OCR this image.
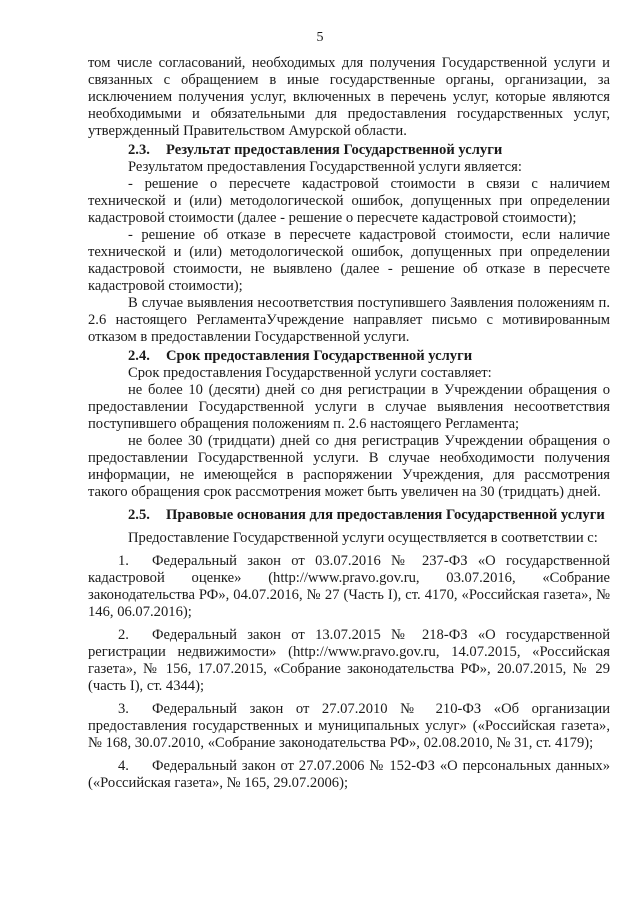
5

том числе согласований, необходимых для получения Государственной услуги и связанных с обращением в иные государственные органы, организации, за исключением получения услуг, включенных в перечень услуг, которые являются необходимыми и обязательными для предоставления государственных услуг, утвержденный Правительством Амурской области.

2.3. Результат предоставления Государственной услуги

Результатом предоставления Государственной услуги является:

- решение о пересчете кадастровой стоимости в связи с наличием технической и (или) методологической ошибок, допущенных при определении кадастровой стоимости (далее - решение о пересчете кадастровой стоимости);

- решение об отказе в пересчете кадастровой стоимости, если наличие технической и (или) методологической ошибок, допущенных при определении кадастровой стоимости, не выявлено (далее - решение об отказе в пересчете кадастровой стоимости);

В случае выявления несоответствия поступившего Заявления положениям п. 2.6 настоящего РегламентаУчреждение направляет письмо с мотивированным отказом в предоставлении Государственной услуги.

2.4. Срок предоставления Государственной услуги

Срок предоставления Государственной услуги составляет:

не более 10 (десяти) дней со дня регистрации в Учреждении обращения о предоставлении Государственной услуги в случае выявления несоответствия поступившего обращения положениям п. 2.6 настоящего Регламента;

не более 30 (тридцати) дней со дня регистрацив Учреждении обращения о предоставлении Государственной услуги. В случае необходимости получения информации, не имеющейся в распоряжении Учреждения, для рассмотрения такого обращения срок рассмотрения может быть увеличен на 30 (тридцать) дней.

2.5. Правовые основания для предоставления Государственной услуги

Предоставление Государственной услуги осуществляется в соответствии с:

1. Федеральный закон от 03.07.2016 № 237-ФЗ «О государственной кадастровой оценке» (http://www.pravo.gov.ru, 03.07.2016, «Собрание законодательства РФ», 04.07.2016, № 27 (Часть I), ст. 4170, «Российская газета», № 146, 06.07.2016);

2. Федеральный закон от 13.07.2015 № 218-ФЗ «О государственной регистрации недвижимости» (http://www.pravo.gov.ru, 14.07.2015, «Российская газета», № 156, 17.07.2015, «Собрание законодательства РФ», 20.07.2015, № 29 (часть I), ст. 4344);

3. Федеральный закон от 27.07.2010 № 210-ФЗ «Об организации предоставления государственных и муниципальных услуг» («Российская газета», № 168, 30.07.2010, «Собрание законодательства РФ», 02.08.2010, № 31, ст. 4179);

4. Федеральный закон от 27.07.2006 № 152-ФЗ «О персональных данных» («Российская газета», № 165, 29.07.2006);
